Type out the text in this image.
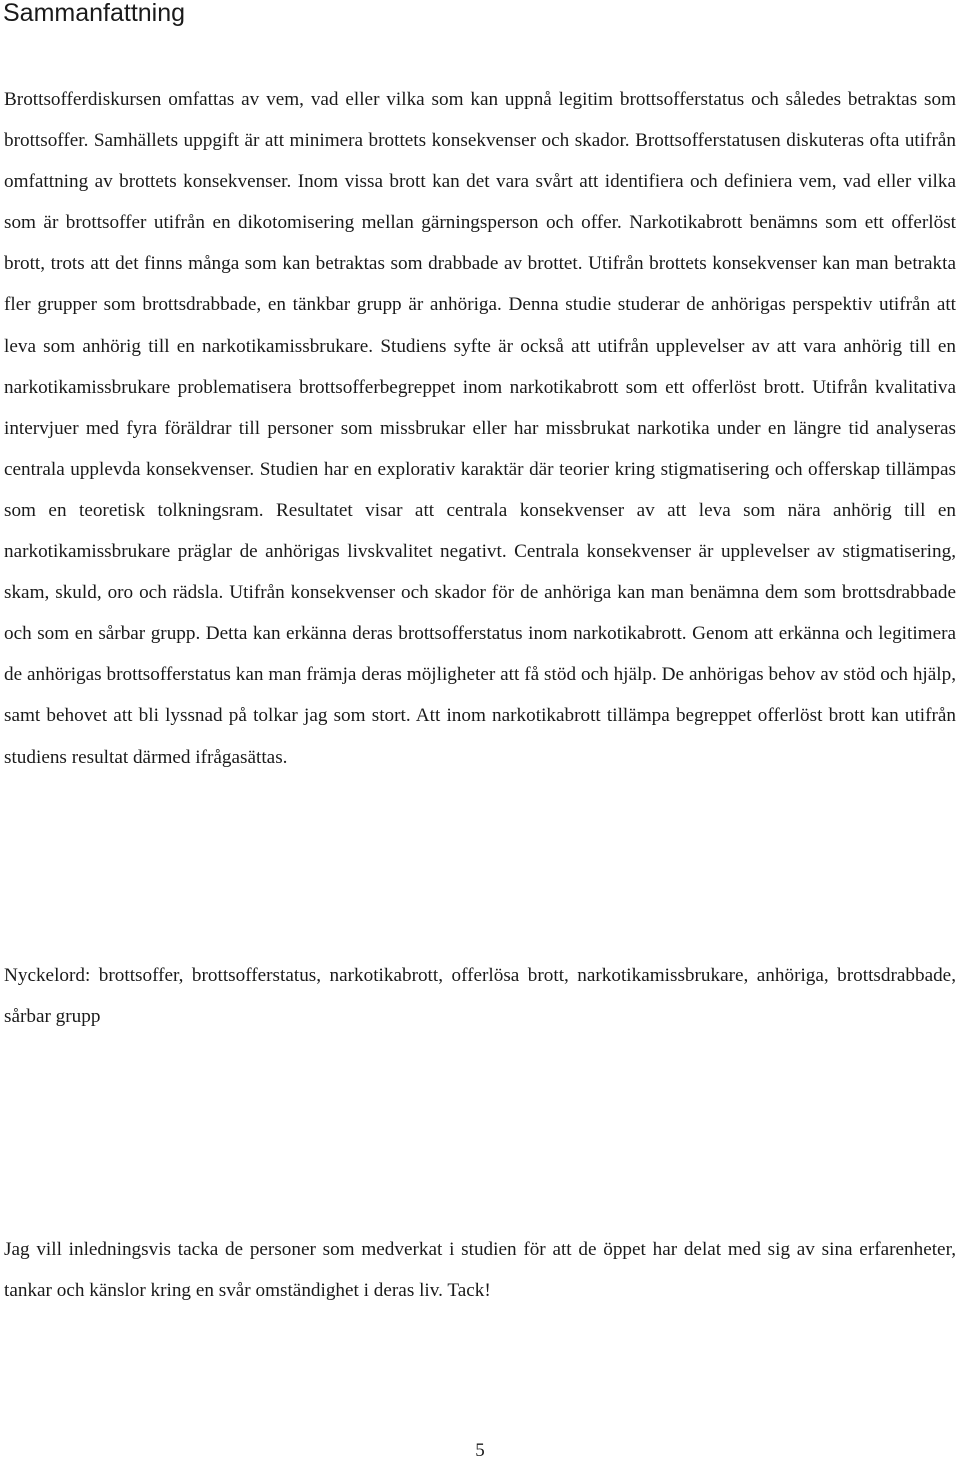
Sammanfattning

Brottsofferdiskursen omfattas av vem, vad eller vilka som kan uppnå legitim brottsofferstatus och således betraktas som brottsoffer. Samhällets uppgift är att minimera brottets konsekvenser och skador. Brottsofferstatusen diskuteras ofta utifrån omfattning av brottets konsekvenser. Inom vissa brott kan det vara svårt att identifiera och definiera vem, vad eller vilka som är brottsoffer utifrån en dikotomisering mellan gärningsperson och offer. Narkotikabrott benämns som ett offerlöst brott, trots att det finns många som kan betraktas som drabbade av brottet. Utifrån brottets konsekvenser kan man betrakta fler grupper som brottsdrabbade, en tänkbar grupp är anhöriga. Denna studie studerar de anhörigas perspektiv utifrån att leva som anhörig till en narkotikamissbrukare. Studiens syfte är också att utifrån upplevelser av att vara anhörig till en narkotikamissbrukare problematisera brottsofferbegreppet inom narkotikabrott som ett offerlöst brott. Utifrån kvalitativa intervjuer med fyra föräldrar till personer som missbrukar eller har missbrukat narkotika under en längre tid analyseras centrala upplevda konsekvenser. Studien har en explorativ karaktär där teorier kring stigmatisering och offerskap tillämpas som en teoretisk tolkningsram. Resultatet visar att centrala konsekvenser av att leva som nära anhörig till en narkotikamissbrukare präglar de anhörigas livskvalitet negativt. Centrala konsekvenser är upplevelser av stigmatisering, skam, skuld, oro och rädsla. Utifrån konsekvenser och skador för de anhöriga kan man benämna dem som brottsdrabbade och som en sårbar grupp. Detta kan erkänna deras brottsofferstatus inom narkotikabrott. Genom att erkänna och legitimera de anhörigas brottsofferstatus kan man främja deras möjligheter att få stöd och hjälp. De anhörigas behov av stöd och hjälp, samt behovet att bli lyssnad på tolkar jag som stort. Att inom narkotikabrott tillämpa begreppet offerlöst brott kan utifrån studiens resultat därmed ifrågasättas.

Nyckelord: brottsoffer, brottsofferstatus, narkotikabrott, offerlösa brott, narkotikamissbrukare, anhöriga, brottsdrabbade, sårbar grupp

Jag vill inledningsvis tacka de personer som medverkat i studien för att de öppet har delat med sig av sina erfarenheter, tankar och känslor kring en svår omständighet i deras liv. Tack!

5
